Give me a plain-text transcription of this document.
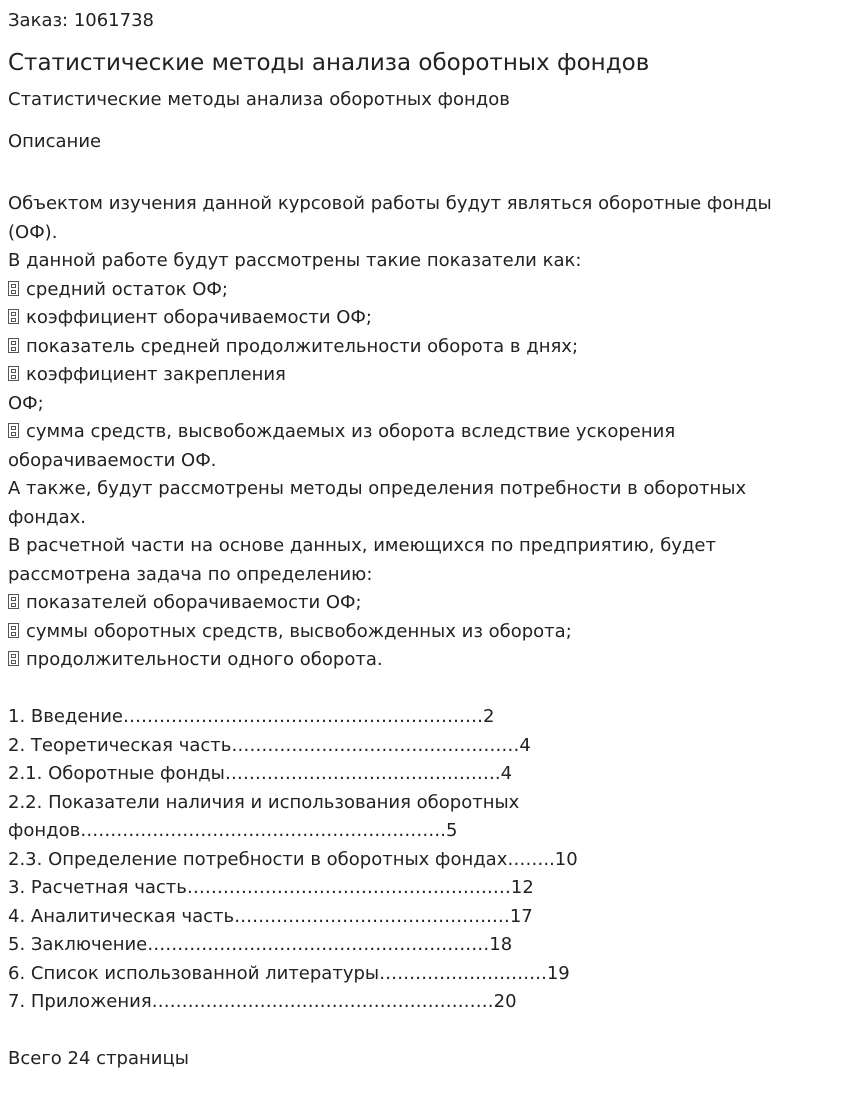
Заказ: 1061738
Статистические методы анализа оборотных фондов
Статистические методы анализа оборотных фондов
Описание
Объектом изучения данной курсовой работы будут являться оборотные фонды
(ОФ).
В данной работе будут рассмотрены такие показатели как:
средний остаток ОФ;
коэффициент оборачиваемости ОФ;
показатель средней продолжительности оборота в днях;
коэффициент закрепления
ОФ;
сумма средств, высвобождаемых из оборота вследствие ускорения
оборачиваемости ОФ.
А также, будут рассмотрены методы определения потребности в оборотных
фондах.
В расчетной части на основе данных, имеющихся по предприятию, будет
рассмотрена задача по определению:
показателей оборачиваемости ОФ;
суммы оборотных средств, высвобожденных из оборота;
продолжительности одного оборота.
1. Введение……………………………………………………2
2. Теоретическая часть…………………………………………4
2.1. Оборотные фонды……………………………………….4
2.2. Показатели наличия и использования оборотных
фондов…………………………………………………….5
2.3. Определение потребности в оборотных фондах……..10
3. Расчетная часть………………………………………………12
4. Аналитическая часть…………………………………….…17
5. Заключение…………………………………………………18
6. Список использованной литературы……………………….19
7. Приложения…………………………………………………20
Всего 24 страницы
